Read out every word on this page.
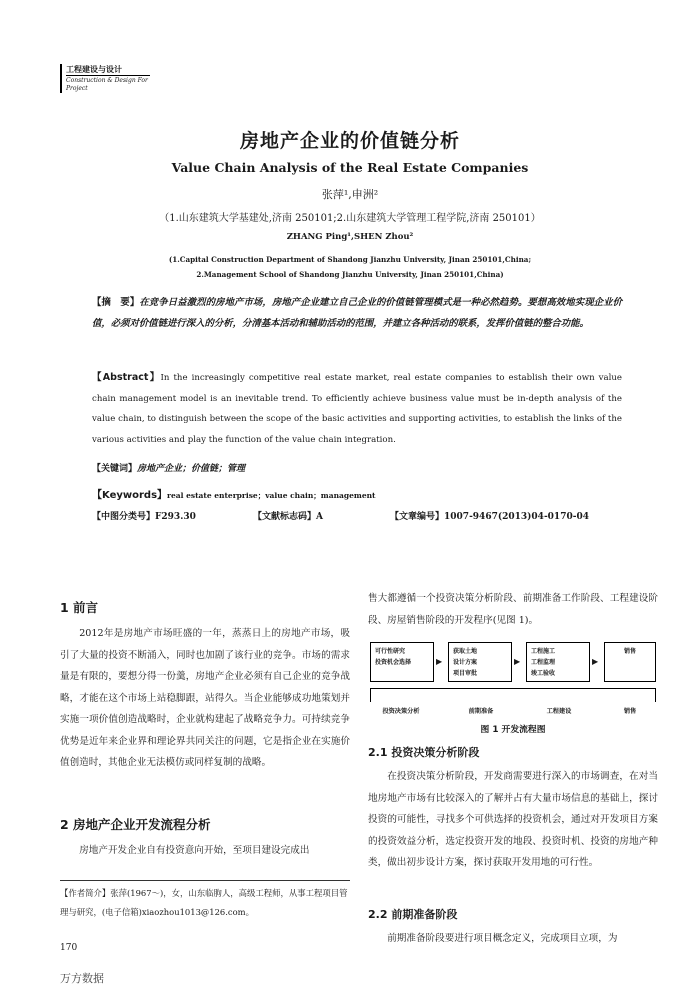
工程建设与设计
Construction & Design For Project
房地产企业的价值链分析
Value Chain Analysis of the Real Estate Companies
张萍¹,申洲²
（1.山东建筑大学基建处,济南 250101;2.山东建筑大学管理工程学院,济南 250101）
ZHANG Ping¹,SHEN Zhou²
(1.Capital Construction Department of Shandong Jianzhu University, Jinan 250101,China;
2.Management School of Shandong Jianzhu University, Jinan 250101,China)
【摘　要】在竞争日益激烈的房地产市场，房地产企业建立自己企业的价值链管理模式是一种必然趋势。要想高效地实现企业价值，必须对价值链进行深入的分析，分清基本活动和辅助活动的范围，并建立各种活动的联系，发挥价值链的整合功能。
【Abstract】In the increasingly competitive real estate market, real estate companies to establish their own value chain management model is an inevitable trend. To efficiently achieve business value must be in-depth analysis of the value chain, to distinguish between the scope of the basic activities and supporting activities, to establish the links of the various activities and play the function of the value chain integration.
【关键词】房地产企业；价值链；管理
【Keywords】real estate enterprise；value chain；management
【中图分类号】F293.30	【文献标志码】A	【文章编号】1007-9467(2013)04-0170-04
1 前言
2012年是房地产市场旺盛的一年，蒸蒸日上的房地产市场，吸引了大量的投资不断涌入，同时也加剧了该行业的竞争。市场的需求量是有限的，要想分得一份羹，房地产企业必须有自己企业的竞争战略，才能在这个市场上站稳脚跟，站得久。当企业能够成功地策划并实施一项价值创造战略时，企业就构建起了战略竞争力。可持续竞争优势是近年来企业界和理论界共同关注的问题，它是指企业在实施价值创造时，其他企业无法模仿或同样复制的战略。
2 房地产企业开发流程分析
房地产开发企业自有投资意向开始，至项目建设完成出
【作者简介】张萍(1967～)，女，山东临朐人，高级工程师，从事工程项目管理与研究，(电子信箱)xiaozhou1013@126.com。
170
万方数据
售大都遵循一个投资决策分析阶段、前期准备工作阶段、工程建设阶段、房屋销售阶段的开发程序(见图 1)。
可行性研究
投资机会选择	▶
获取土地
设计方案
项目审批
▶
工程施工
工程监理
竣工验收
▶
销售
投资决策分析	前期准备	工程建设	销售
图 1 开发流程图
2.1 投资决策分析阶段
在投资决策分析阶段，开发商需要进行深入的市场调查，在对当地房地产市场有比较深入的了解并占有大量市场信息的基础上，探讨投资的可能性，寻找多个可供选择的投资机会，通过对开发项目方案的投资效益分析，选定投资开发的地段、投资时机、投资的房地产种类，做出初步设计方案，探讨获取开发用地的可行性。
2.2 前期准备阶段
前期准备阶段要进行项目概念定义，完成项目立项，为
